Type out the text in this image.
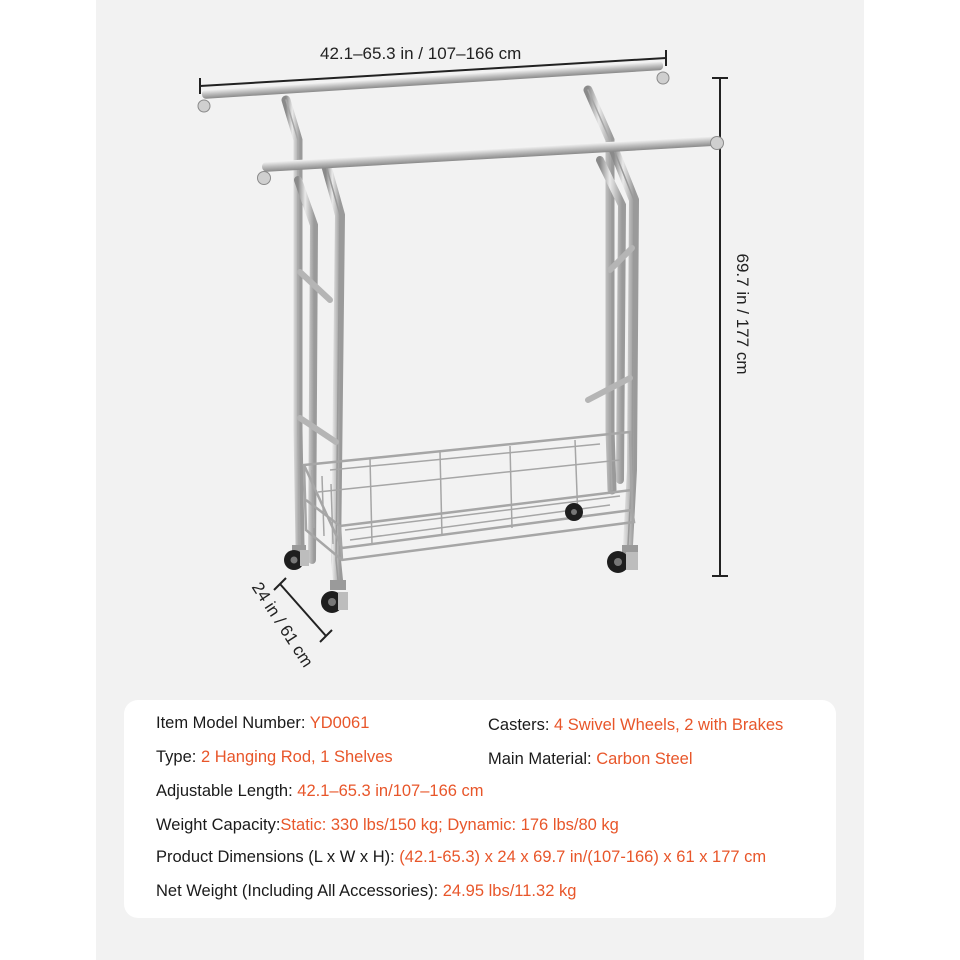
42.1–65.3 in / 107–166 cm
69.7 in / 177 cm
24 in / 61 cm
Item Model Number: YD0061	Casters: 4 Swivel Wheels, 2 with Brakes
Type: 2 Hanging Rod, 1 Shelves	Main Material: Carbon Steel
Adjustable Length: 42.1–65.3 in/107–166 cm
Weight Capacity:Static: 330 lbs/150 kg; Dynamic: 176 lbs/80 kg
Product Dimensions (L x W x H): (42.1-65.3) x 24 x 69.7 in/(107-166) x 61 x 177 cm
Net Weight (Including All Accessories): 24.95 lbs/11.32 kg
